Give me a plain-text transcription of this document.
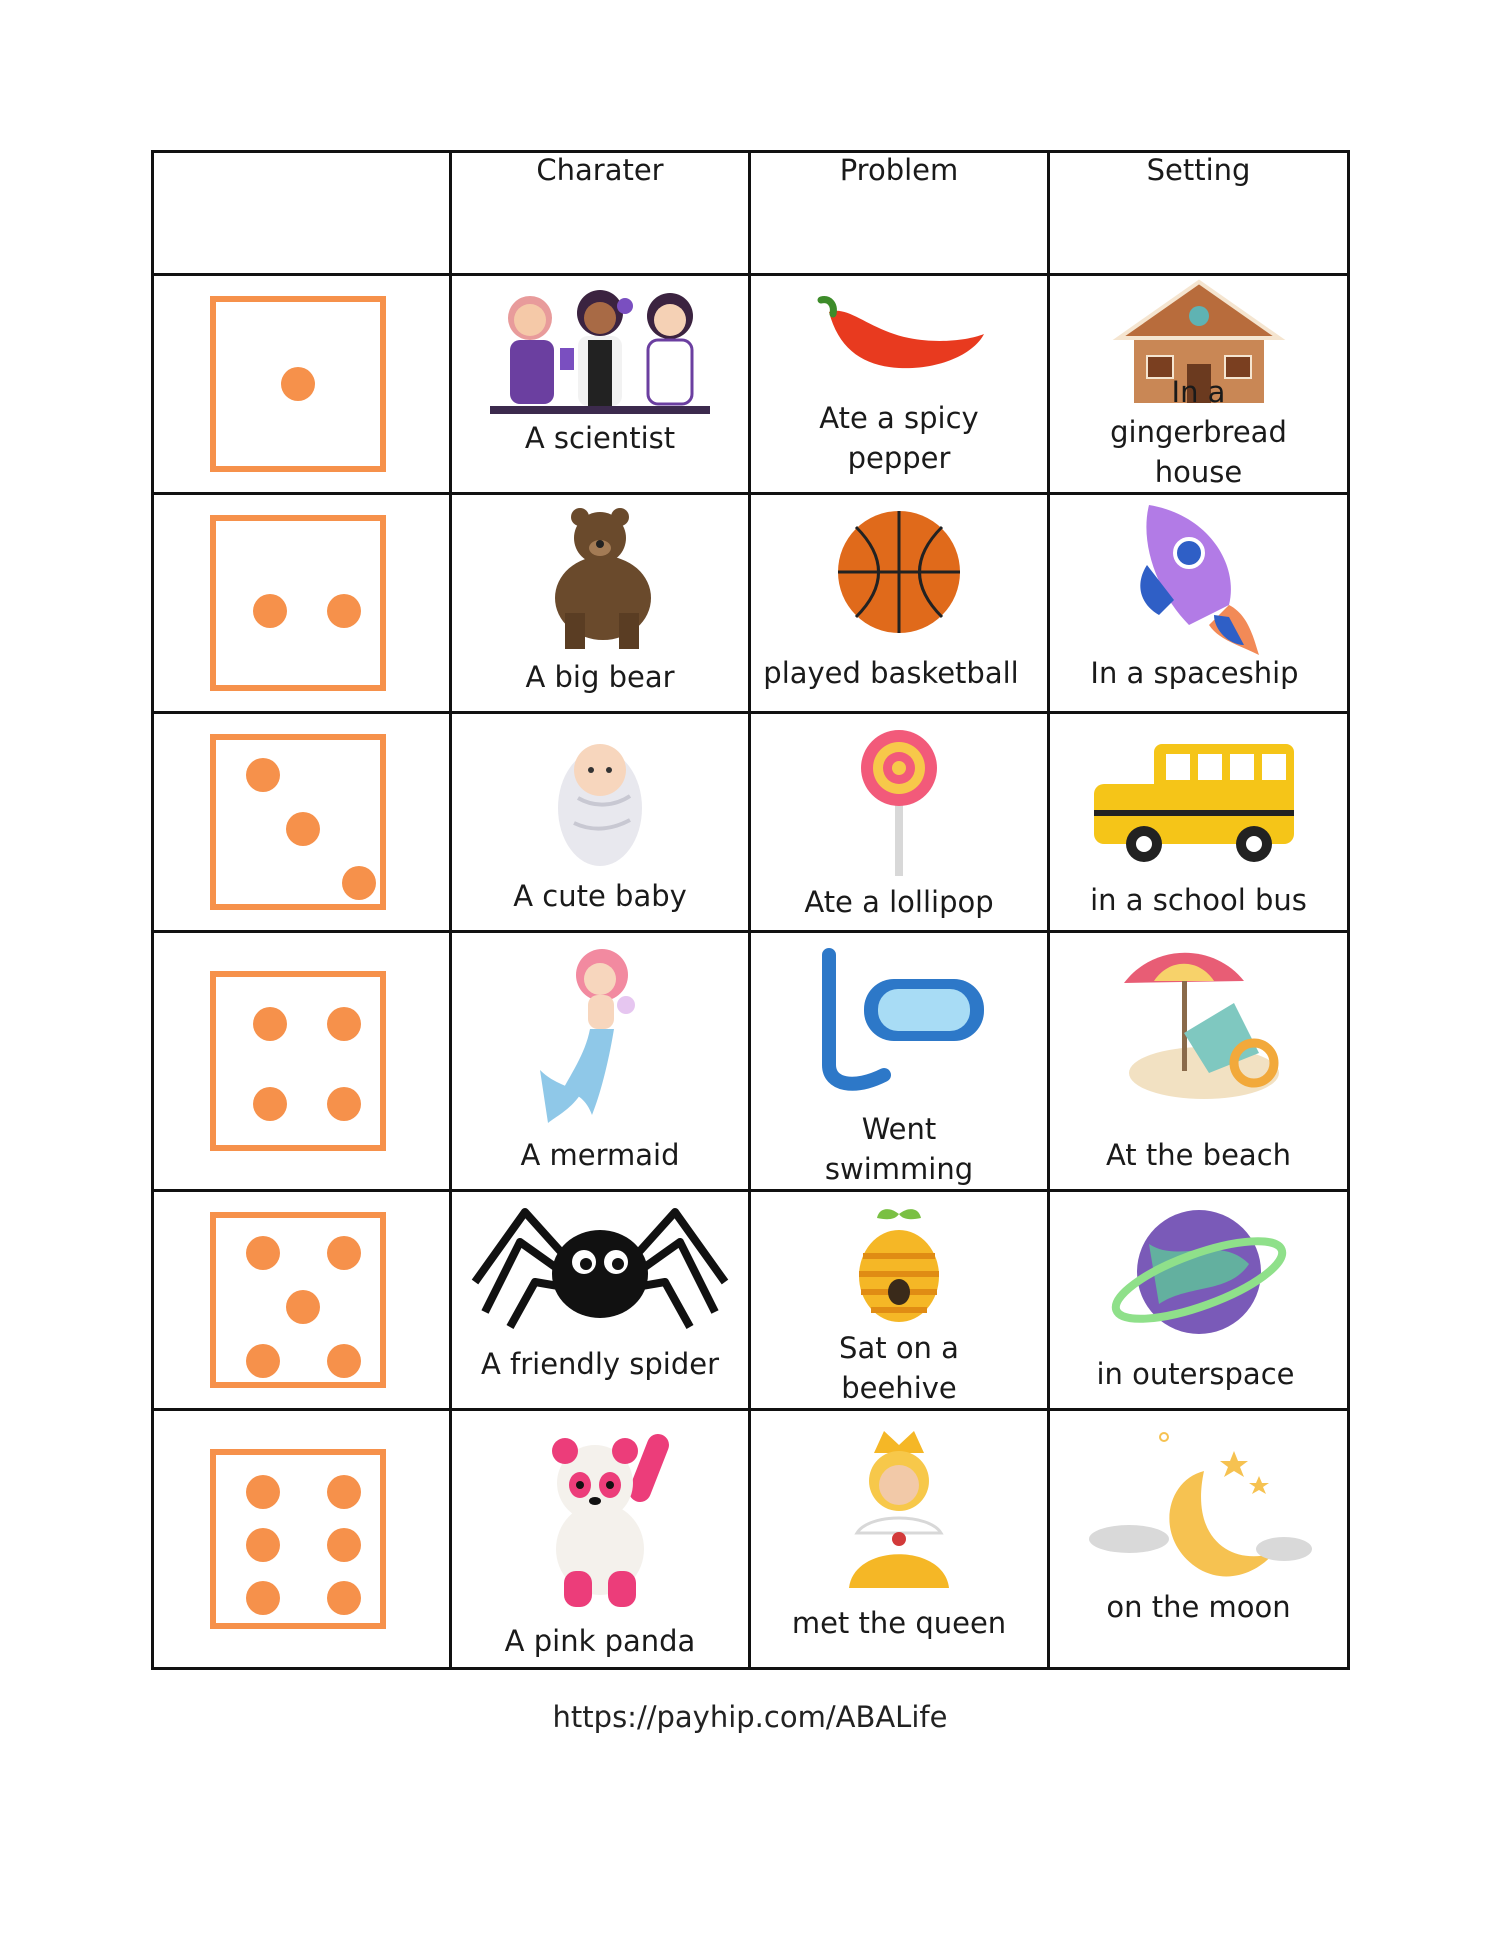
	Charater	Problem	Setting

	A scientist	Ate a spicy pepper	In a gingerbread house

	A big bear	played basketball	In a spaceship

	A cute baby	Ate a lollipop	in a school bus

	A mermaid	Went swimming	At the beach

	A friendly spider	Sat on a beehive	in outerspace

	A pink panda	met the queen	on the moon
https://payhip.com/ABALife
